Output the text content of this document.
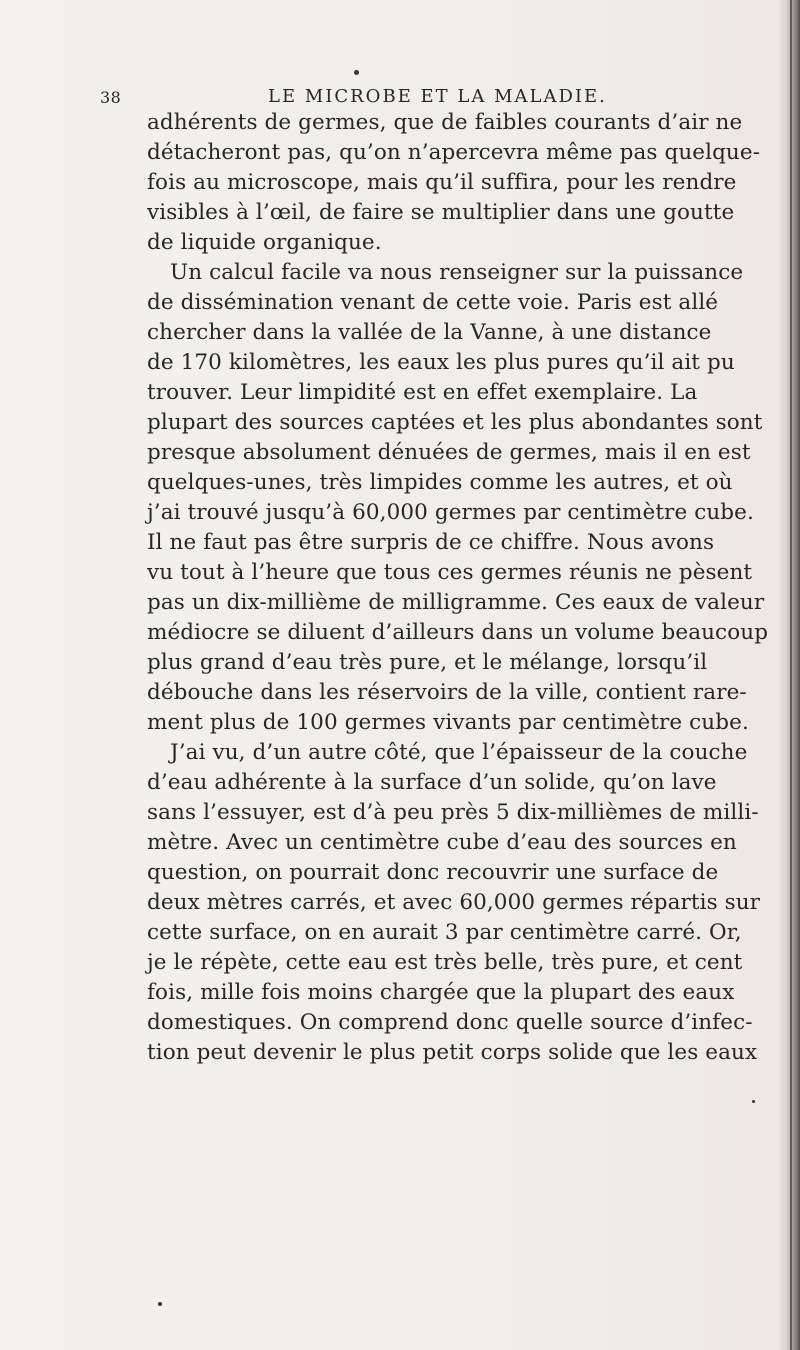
38	LE MICROBE ET LA MALADIE.
adhérents de germes, que de faibles courants d’air ne
détacheront pas, qu’on n’apercevra même pas quelque-
fois au microscope, mais qu’il suffira, pour les rendre
visibles à l’œil, de faire se multiplier dans une goutte
de liquide organique.
Un calcul facile va nous renseigner sur la puissance
de dissémination venant de cette voie. Paris est allé
chercher dans la vallée de la Vanne, à une distance
de 170 kilomètres, les eaux les plus pures qu’il ait pu
trouver. Leur limpidité est en effet exemplaire. La
plupart des sources captées et les plus abondantes sont
presque absolument dénuées de germes, mais il en est
quelques-unes, très limpides comme les autres, et où
j’ai trouvé jusqu’à 60,000 germes par centimètre cube.
Il ne faut pas être surpris de ce chiffre. Nous avons
vu tout à l’heure que tous ces germes réunis ne pèsent
pas un dix-millième de milligramme. Ces eaux de valeur
médiocre se diluent d’ailleurs dans un volume beaucoup
plus grand d’eau très pure, et le mélange, lorsqu’il
débouche dans les réservoirs de la ville, contient rare-
ment plus de 100 germes vivants par centimètre cube.
J’ai vu, d’un autre côté, que l’épaisseur de la couche
d’eau adhérente à la surface d’un solide, qu’on lave
sans l’essuyer, est d’à peu près 5 dix-millièmes de milli-
mètre. Avec un centimètre cube d’eau des sources en
question, on pourrait donc recouvrir une surface de
deux mètres carrés, et avec 60,000 germes répartis sur
cette surface, on en aurait 3 par centimètre carré. Or,
je le répète, cette eau est très belle, très pure, et cent
fois, mille fois moins chargée que la plupart des eaux
domestiques. On comprend donc quelle source d’infec-
tion peut devenir le plus petit corps solide que les eaux
